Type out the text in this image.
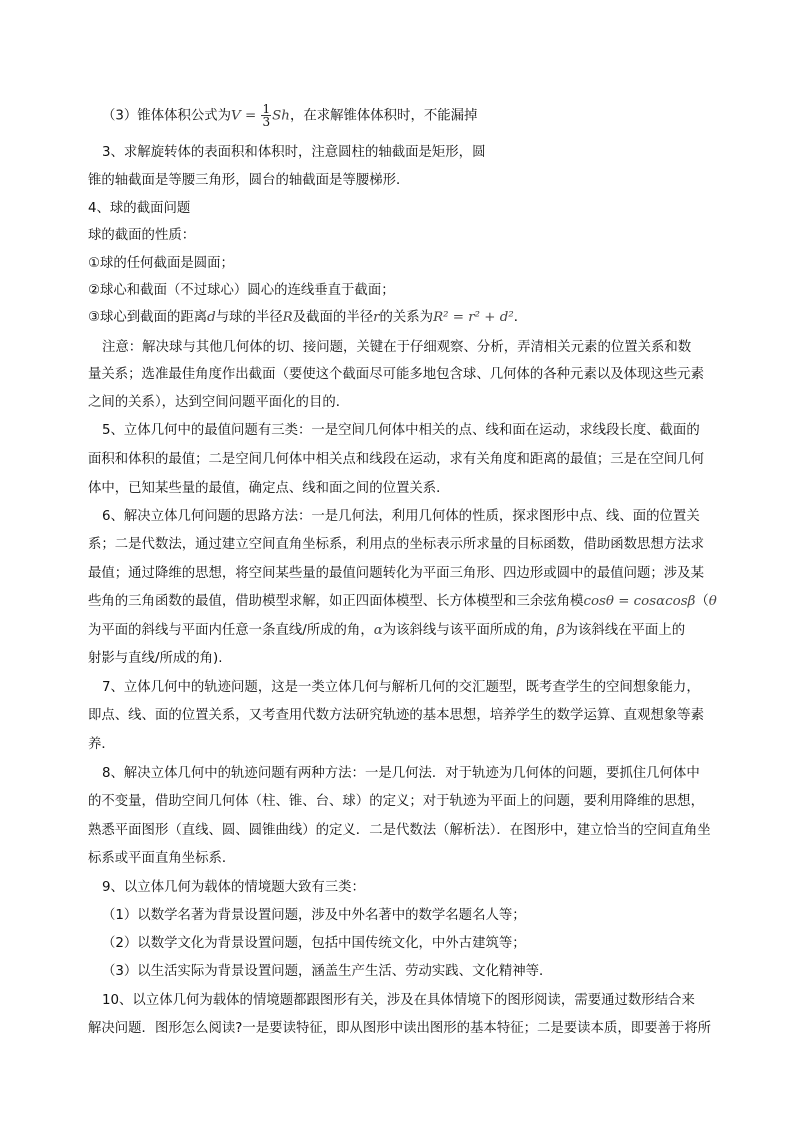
（3）锥体体积公式为$V = \frac{1}{3}$ Sh，在求解锥体体积时，不能漏掉
3、求解旋转体的表面积和体积时，注意圆柱的轴截面是矩形，圆
锥的轴截面是等腰三角形，圆台的轴截面是等腰梯形．
4、球的截面问题
球的截面的性质：
①球的任何截面是圆面；
②球心和截面（不过球心）圆心的连线垂直于截面；
③球心到截面的距离d与球的半径R及截面的半径r的关系为R² = r² + d²．
注意：解决球与其他几何体的切、接问题，关键在于仔细观察、分析，弄清相关元素的位置关系和数
量关系；选准最佳角度作出截面（要使这个截面尽可能多地包含球、几何体的各种元素以及体现这些元素
之间的关系），达到空间问题平面化的目的．
5、立体几何中的最值问题有三类：一是空间几何体中相关的点、线和面在运动，求线段长度、截面的
面积和体积的最值；二是空间几何体中相关点和线段在运动，求有关角度和距离的最值；三是在空间几何
体中，已知某些量的最值，确定点、线和面之间的位置关系．
6、解决立体几何问题的思路方法：一是几何法，利用几何体的性质，探求图形中点、线、面的位置关
系；二是代数法，通过建立空间直角坐标系，利用点的坐标表示所求量的目标函数，借助函数思想方法求
最值；通过降维的思想，将空间某些量的最值问题转化为平面三角形、四边形或圆中的最值问题；涉及某
些角的三角函数的最值，借助模型求解，如正四面体模型、长方体模型和三余弦角模cosθ = cosαcosβ（θ
为平面的斜线与平面内任意一条直线/所成的角，α为该斜线与该平面所成的角，β为该斜线在平面上的
射影与直线/所成的角).
7、立体几何中的轨迹问题，这是一类立体几何与解析几何的交汇题型，既考查学生的空间想象能力，
即点、线、面的位置关系，又考查用代数方法研究轨迹的基本思想，培养学生的数学运算、直观想象等素
养．
8、解决立体几何中的轨迹问题有两种方法：一是几何法．对于轨迹为几何体的问题，要抓住几何体中
的不变量，借助空间几何体（柱、锥、台、球）的定义；对于轨迹为平面上的问题，要利用降维的思想，
熟悉平面图形（直线、圆、圆锥曲线）的定义．二是代数法（解析法）．在图形中，建立恰当的空间直角坐
标系或平面直角坐标系．
9、以立体几何为载体的情境题大致有三类：
（1）以数学名著为背景设置问题，涉及中外名著中的数学名题名人等；
（2）以数学文化为背景设置问题，包括中国传统文化，中外古建筑等；
（3）以生活实际为背景设置问题，涵盖生产生活、劳动实践、文化精神等．
10、以立体几何为载体的情境题都跟图形有关，涉及在具体情境下的图形阅读，需要通过数形结合来
解决问题．图形怎么阅读?一是要读特征，即从图形中读出图形的基本特征；二是要读本质，即要善于将所
